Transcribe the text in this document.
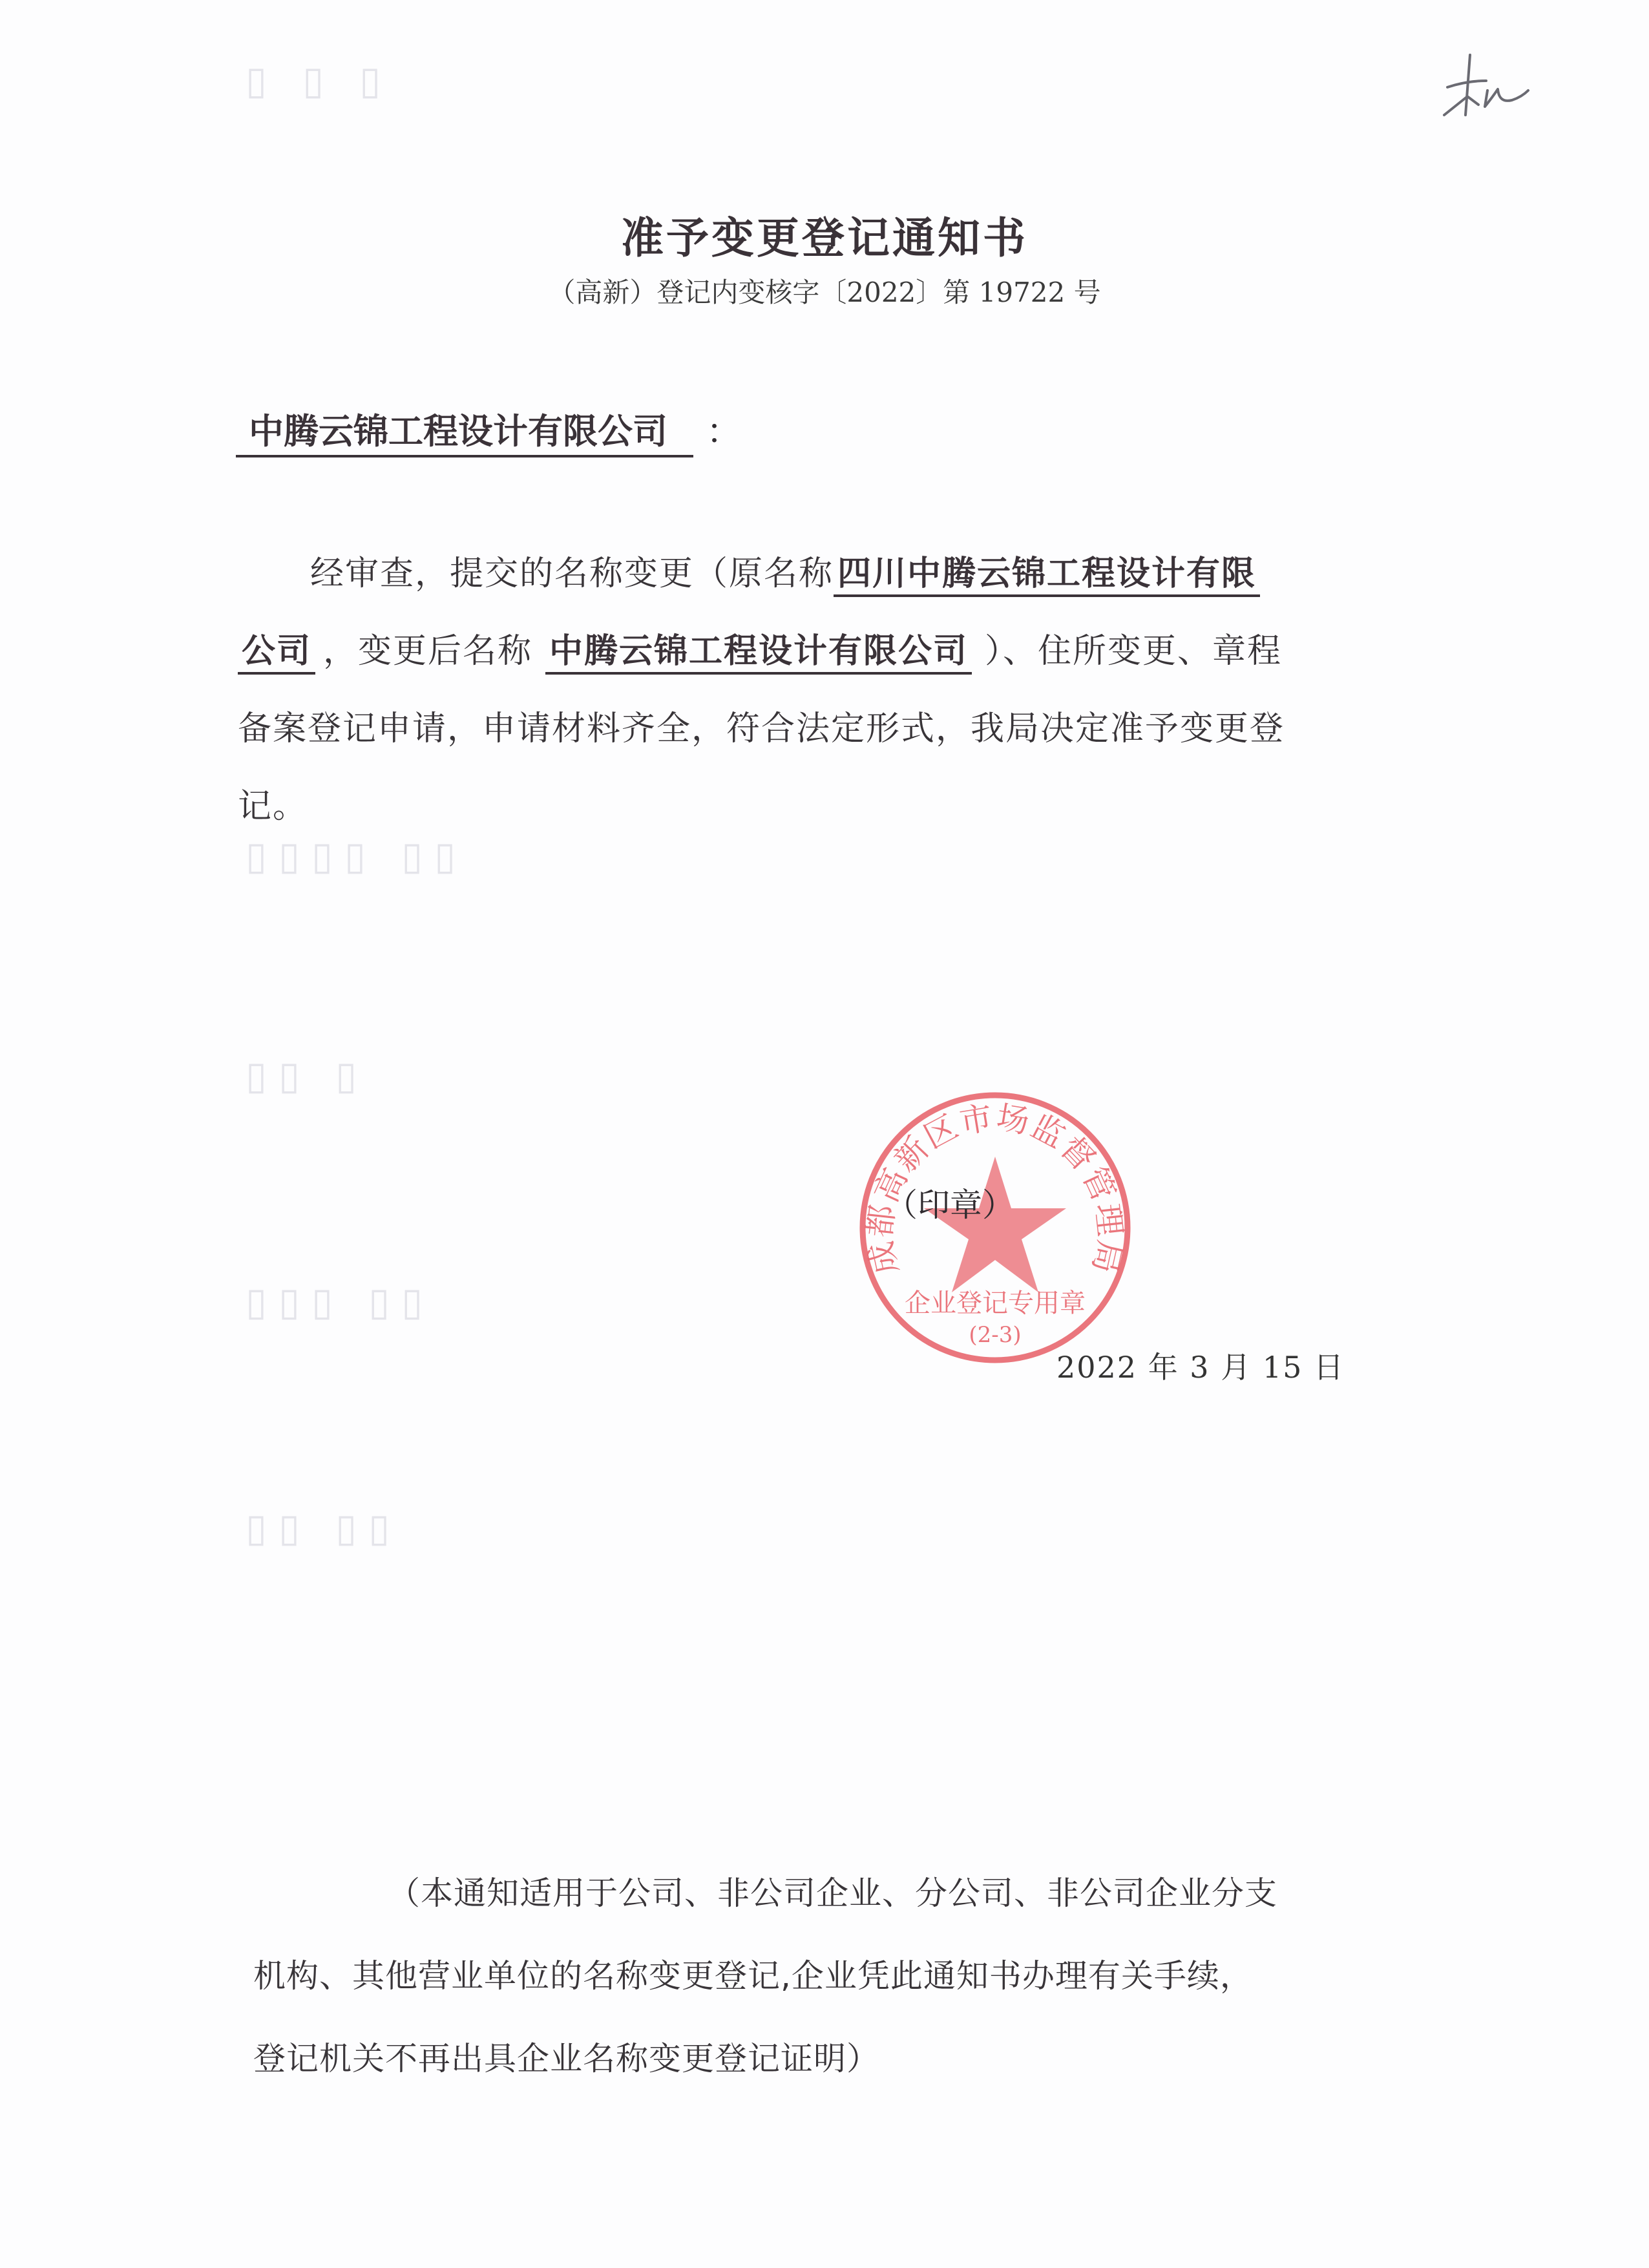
▯ ▯ ▯
▯▯▯▯ ▯▯
▯▯ ▯
▯▯▯ ▯▯
▯▯ ▯▯
准予变更登记通知书
（高新）登记内变核字〔2022〕第 19722 号
中腾云锦工程设计有限公司 ：
经审查，提交的名称变更（原名称 四川中腾云锦工程设计有限
公司 ，变更后名称 中腾云锦工程设计有限公司 ）、住所变更、章程
备案登记申请，申请材料齐全，符合法定形式，我局决定准予变更登
记。
成都高新区市场监督管理局
企业登记专用章
(2-3)
（印章）
2022 年 3 月 15 日
（本通知适用于公司、非公司企业、分公司、非公司企业分支
机构、其他营业单位的名称变更登记,企业凭此通知书办理有关手续，
登记机关不再出具企业名称变更登记证明）
